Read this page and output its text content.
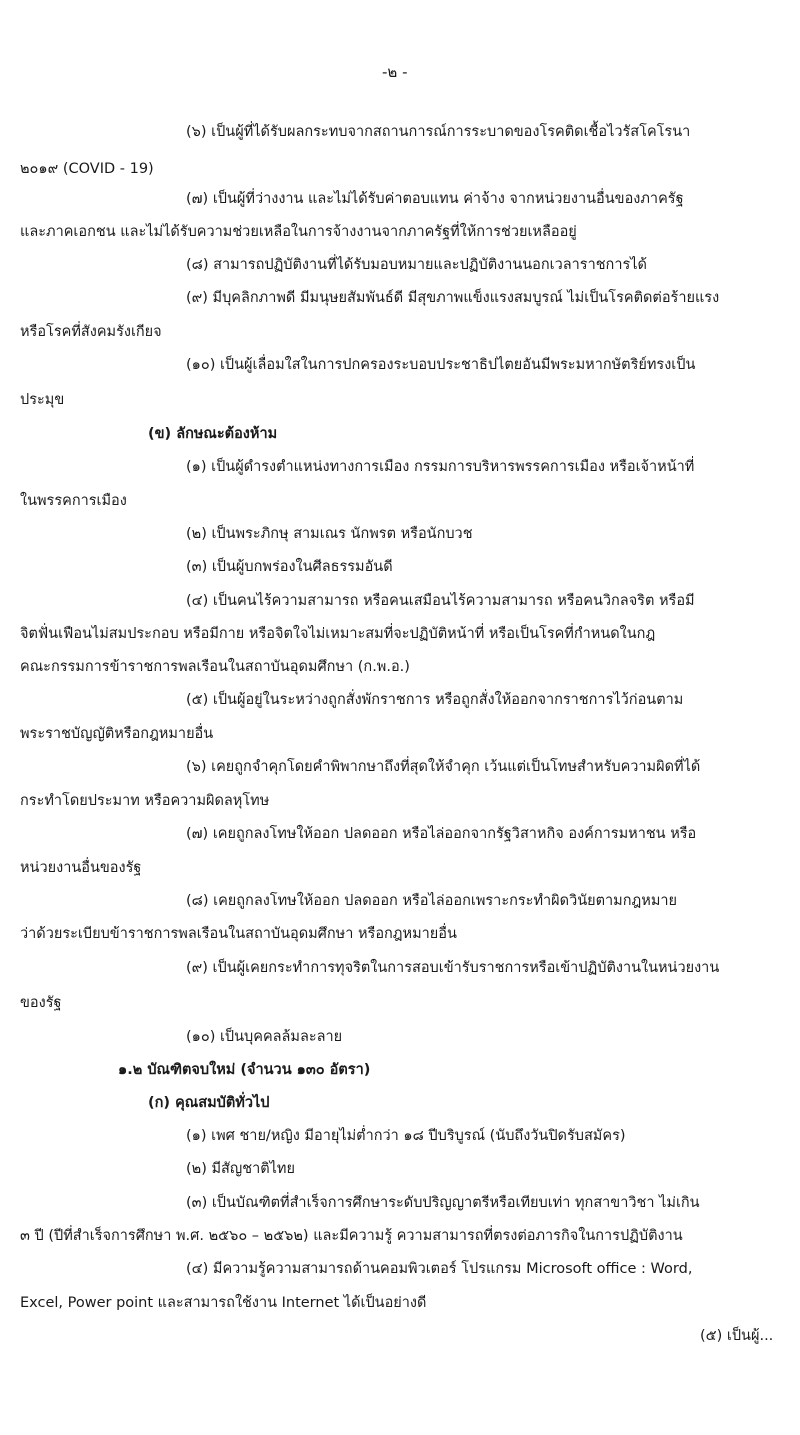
-๒ -
(๖) เป็นผู้ที่ได้รับผลกระทบจากสถานการณ์การระบาดของโรคติดเชื้อไวรัสโคโรนา
๒๐๑๙ (COVID - 19)
(๗) เป็นผู้ที่ว่างงาน และไม่ได้รับค่าตอบแทน ค่าจ้าง จากหน่วยงานอื่นของภาครัฐ
และภาคเอกชน และไม่ได้รับความช่วยเหลือในการจ้างงานจากภาครัฐที่ให้การช่วยเหลืออยู่
(๘) สามารถปฏิบัติงานที่ได้รับมอบหมายและปฏิบัติงานนอกเวลาราชการได้
(๙) มีบุคลิกภาพดี มีมนุษยสัมพันธ์ดี มีสุขภาพแข็งแรงสมบูรณ์ ไม่เป็นโรคติดต่อร้ายแรง
หรือโรคที่สังคมรังเกียจ
(๑๐) เป็นผู้เลื่อมใสในการปกครองระบอบประชาธิปไตยอันมีพระมหากษัตริย์ทรงเป็น
ประมุข
(ข) ลักษณะต้องห้าม
(๑) เป็นผู้ดำรงตำแหน่งทางการเมือง กรรมการบริหารพรรคการเมือง หรือเจ้าหน้าที่
ในพรรคการเมือง
(๒) เป็นพระภิกษุ สามเณร นักพรต หรือนักบวช
(๓) เป็นผู้บกพร่องในศีลธรรมอันดี
(๔) เป็นคนไร้ความสามารถ หรือคนเสมือนไร้ความสามารถ หรือคนวิกลจริต หรือมี
จิตฟั่นเฟือนไม่สมประกอบ หรือมีกาย หรือจิตใจไม่เหมาะสมที่จะปฏิบัติหน้าที่ หรือเป็นโรคที่กำหนดในกฎ
คณะกรรมการข้าราชการพลเรือนในสถาบันอุดมศึกษา (ก.พ.อ.)
(๕) เป็นผู้อยู่ในระหว่างถูกสั่งพักราชการ หรือถูกสั่งให้ออกจากราชการไว้ก่อนตาม
พระราชบัญญัติหรือกฎหมายอื่น
(๖) เคยถูกจำคุกโดยคำพิพากษาถึงที่สุดให้จำคุก เว้นแต่เป็นโทษสำหรับความผิดที่ได้
กระทำโดยประมาท หรือความผิดลหุโทษ
(๗) เคยถูกลงโทษให้ออก ปลดออก หรือไล่ออกจากรัฐวิสาหกิจ องค์การมหาชน หรือ
หน่วยงานอื่นของรัฐ
(๘) เคยถูกลงโทษให้ออก ปลดออก หรือไล่ออกเพราะกระทำผิดวินัยตามกฎหมาย
ว่าด้วยระเบียบข้าราชการพลเรือนในสถาบันอุดมศึกษา หรือกฎหมายอื่น
(๙) เป็นผู้เคยกระทำการทุจริตในการสอบเข้ารับราชการหรือเข้าปฏิบัติงานในหน่วยงาน
ของรัฐ
(๑๐) เป็นบุคคลล้มละลาย
๑.๒ บัณฑิตจบใหม่ (จำนวน ๑๓๐ อัตรา)
(ก) คุณสมบัติทั่วไป
(๑) เพศ ชาย/หญิง มีอายุไม่ต่ำกว่า ๑๘ ปีบริบูรณ์ (นับถึงวันปิดรับสมัคร)
(๒) มีสัญชาติไทย
(๓) เป็นบัณฑิตที่สำเร็จการศึกษาระดับปริญญาตรีหรือเทียบเท่า ทุกสาขาวิชา ไม่เกิน
๓ ปี (ปีที่สำเร็จการศึกษา พ.ศ. ๒๕๖๐ – ๒๕๖๒) และมีความรู้ ความสามารถที่ตรงต่อภารกิจในการปฏิบัติงาน
(๔) มีความรู้ความสามารถด้านคอมพิวเตอร์ โปรแกรม Microsoft office : Word,
Excel, Power point และสามารถใช้งาน Internet ได้เป็นอย่างดี
(๕) เป็นผู้...
